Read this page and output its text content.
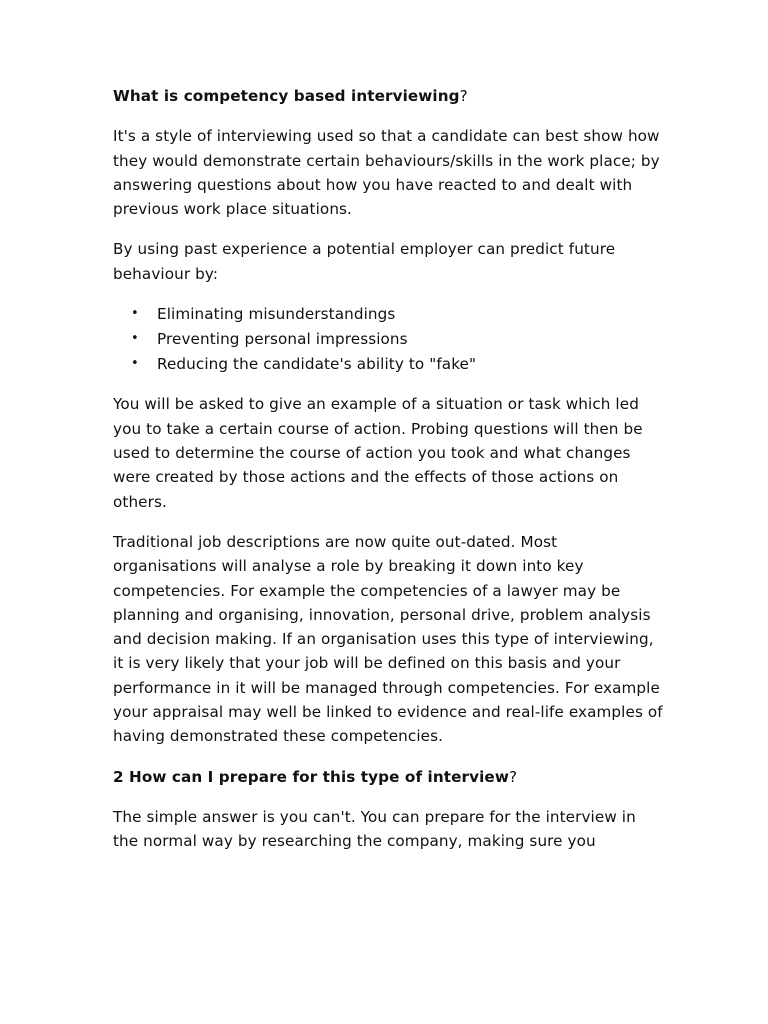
What is competency based interviewing?

It's a style of interviewing used so that a candidate can best show how they would demonstrate certain behaviours/skills in the work place; by answering questions about how you have reacted to and dealt with previous work place situations.

By using past experience a potential employer can predict future behaviour by:

• Eliminating misunderstandings
• Preventing personal impressions
• Reducing the candidate's ability to "fake"

You will be asked to give an example of a situation or task which led you to take a certain course of action. Probing questions will then be used to determine the course of action you took and what changes were created by those actions and the effects of those actions on others.

Traditional job descriptions are now quite out-dated. Most organisations will analyse a role by breaking it down into key competencies. For example the competencies of a lawyer may be planning and organising, innovation, personal drive, problem analysis and decision making. If an organisation uses this type of interviewing, it is very likely that your job will be defined on this basis and your performance in it will be managed through competencies. For example your appraisal may well be linked to evidence and real-life examples of having demonstrated these competencies.

2 How can I prepare for this type of interview?

The simple answer is you can't. You can prepare for the interview in the normal way by researching the company, making sure you
